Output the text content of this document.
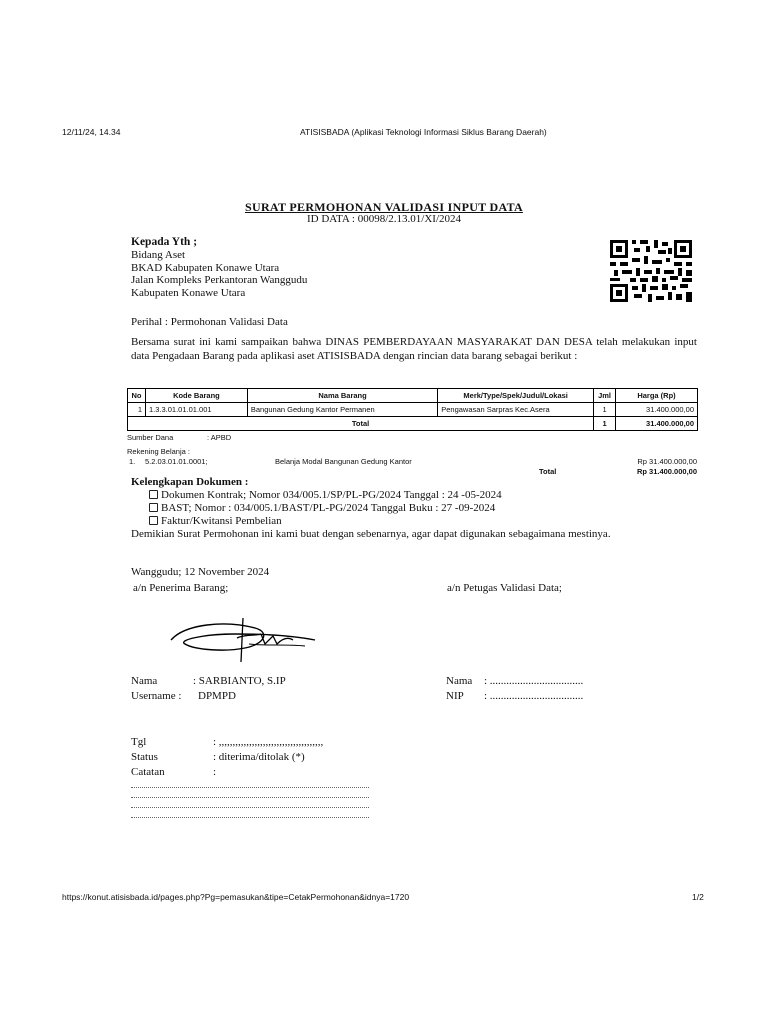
12/11/24, 14.34	ATISISBADA (Aplikasi Teknologi Informasi Siklus Barang Daerah)
SURAT PERMOHONAN VALIDASI INPUT DATA
ID DATA : 00098/2.13.01/XI/2024
Kepada Yth ;
Bidang Aset
BKAD Kabupaten Konawe Utara
Jalan Kompleks Perkantoran Wanggudu
Kabupaten Konawe Utara
Perihal : Permohonan Validasi Data
Bersama surat ini kami sampaikan bahwa DINAS PEMBERDAYAAN MASYARAKAT DAN DESA telah melakukan input data Pengadaan Barang pada aplikasi aset ATISISBADA dengan rincian data barang sebagai berikut :
No	Kode Barang	Nama Barang	Merk/Type/Spek/Judul/Lokasi	Jml	Harga (Rp)
1	1.3.3.01.01.01.001	Bangunan Gedung Kantor Permanen	Pengawasan Sarpras Kec.Asera	1	31.400.000,00
Total				1	31.400.000,00
Sumber Dana	: APBD
Rekening Belanja :
1. 5.2.03.01.01.0001;	Belanja Modal Bangunan Gedung Kantor	Rp 31.400.000,00
Total	Rp 31.400.000,00
Kelengkapan Dokumen :
Dokumen Kontrak; Nomor 034/005.1/SP/PL-PG/2024 Tanggal : 24 -05-2024
BAST; Nomor : 034/005.1/BAST/PL-PG/2024 Tanggal Buku : 27 -09-2024
Faktur/Kwitansi Pembelian
Demikian Surat Permohonan ini kami buat dengan sebenarnya, agar dapat digunakan sebagaimana mestinya.
Wanggudu; 12 November 2024
a/n Penerima Barang;	a/n Petugas Validasi Data;
Nama	: SARBIANTO, S.IP
Username : DPMPD
Nama : ..................................
NIP : ..................................
Tgl	: ,,,,,,,,,,,,,,,,,,,,,,,,,,,,,,,,,,,,,,
Status	: diterima/ditolak (*)
Catatan	:
https://konut.atisisbada.id/pages.php?Pg=pemasukan&tipe=CetakPermohonan&idnya=1720	1/2
